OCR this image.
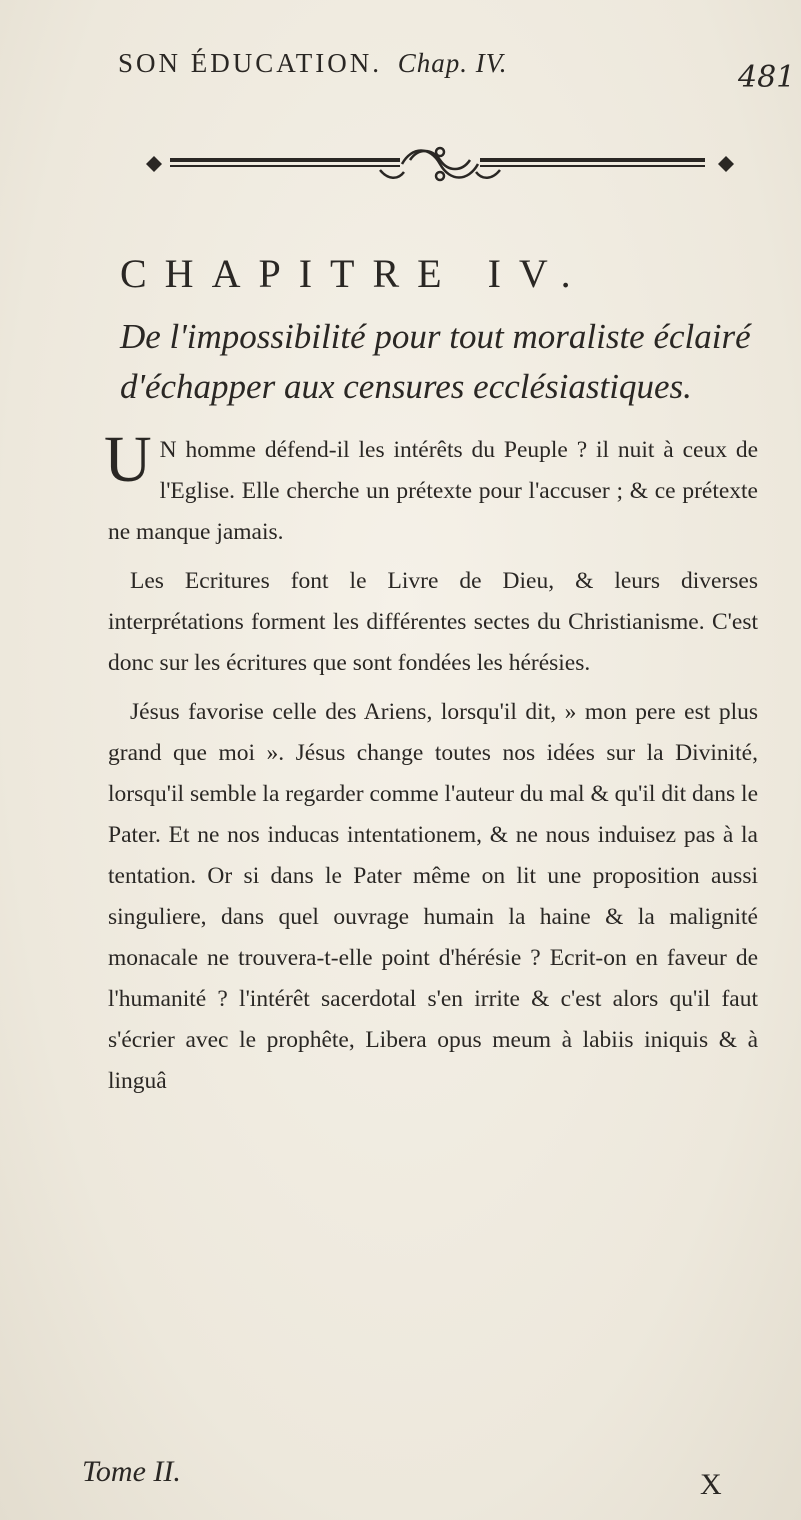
SON ÉDUCATION. Chap. IV.	481
CHAPITRE IV.
De l'impossibilité pour tout moraliste éclairé d'échapper aux censures ecclésiastiques.

U N homme défend-il les intérêts du Peuple ? il nuit à ceux de l'Eglise. Elle cherche un prétexte pour l'accuser ; & ce prétexte ne manque jamais.

Les Ecritures font le Livre de Dieu, & leurs diverses interprétations forment les différentes sectes du Christianisme. C'est donc sur les écritures que sont fondées les hérésies.

Jésus favorise celle des Ariens, lorsqu'il dit, » mon pere est plus grand que moi ». Jésus change toutes nos idées sur la Divinité, lorsqu'il semble la regarder comme l'auteur du mal & qu'il dit dans le Pater. Et ne nos inducas intentationem, & ne nous induisez pas à la tentation. Or si dans le Pater même on lit une proposition aussi singuliere, dans quel ouvrage humain la haine & la malignité monacale ne trouvera-t-elle point d'hérésie ? Ecrit-on en faveur de l'humanité ? l'intérêt sacerdotal s'en irrite & c'est alors qu'il faut s'écrier avec le prophête, Libera opus meum à labiis iniquis & à linguâ

Tome II.	X
